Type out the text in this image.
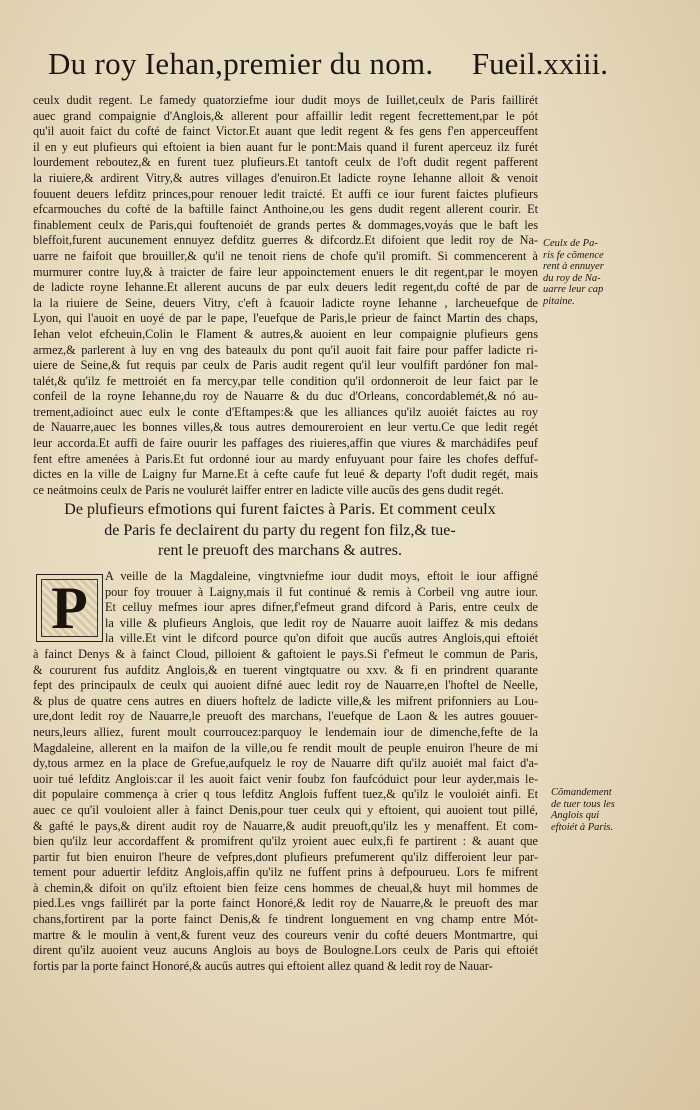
Du roy Iehan,premier du nom. Fueil.xxiii.
ceulx dudit regent. Le famedy quatorziefme iour dudit moys de Iuillet,ceulx de Paris faillirét
auec grand compaignie d'Anglois,& allerent pour affaillir ledit regent fecrettement,par le pót
qu'il auoit faict du cofté de fainct Victor.Et auant que ledit regent & fes gens f'en apperceuffent
il en y eut plufieurs qui eftoient ia bien auant fur le pont:Mais quand il furent aperceuz ilz furét
lourdement reboutez,& en furent tuez plufieurs.Et tantoft ceulx de l'oft dudit regent pafferent
la riuiere,& ardirent Vitry,& autres villages d'enuiron.Et ladicte royne Iehanne alloit & venoit
fouuent deuers lefditz princes,pour renouer ledit traicté. Et auffi ce iour furent faictes plufieurs
efcarmouches du cofté de la baftille fainct Anthoine,ou les gens dudit regent allerent courir. Et
finablement ceulx de Paris,qui fouftenoiét de grands pertes & dommages,voyás que le baft les
bleffoit,furent aucunement ennuyez defditz guerres & difcordz.Et difoient que ledit roy de Na-
uarre ne faifoit que brouiller,& qu'il ne tenoit riens de chofe qu'il promift. Si commencerent à
murmurer contre luy,& à traicter de faire leur appoinctement enuers le dit regent,par le moyen
de ladicte royne Iehanne.Et allerent aucuns de par eulx deuers ledit regent,du cofté de par de
la la riuiere de Seine, deuers Vitry, c'eft à fcauoir ladicte royne Iehanne , larcheuefque de
Lyon, qui l'auoit en uoyé de par le pape, l'euefque de Paris,le prieur de fainct Martin des chaps,
Iehan velot efcheuin,Colin le Flament & autres,& auoient en leur compaignie plufieurs gens
armez,& parlerent à luy en vng des bateaulx du pont qu'il auoit fait faire pour paffer ladicte ri-
uiere de Seine,& fut requis par ceulx de Paris audit regent qu'il leur voulfift pardóner fon mal-
talét,& qu'ilz fe mettroiét en fa mercy,par telle condition qu'il ordonneroit de leur faict par le
confeil de la royne Iehanne,du roy de Nauarre & du duc d'Orleans, concordablemét,& nó au-
trement,adioinct auec eulx le conte d'Eftampes:& que les alliances qu'ilz auoiét faictes au roy
de Nauarre,auec les bonnes villes,& tous autres demoureroient en leur vertu.Ce que ledit regét
leur accorda.Et auffi de faire ouurir les paffages des riuieres,affin que viures & marchádifes peuf
fent eftre amenées à Paris.Et fut ordonné iour au mardy enfuyuant pour faire les chofes deffuf-
dictes en la ville de Laigny fur Marne.Et à cefte caufe fut leué & departy l'oft dudit regét, mais
ce neátmoins ceulx de Paris ne voulurét laiffer entrer en ladicte ville aucűs des gens dudit regét.
Ceulx de Pa-
ris fe cõmence
rent à ennuyer
du roy de Na-
uarre leur cap
pitaine.
De plufieurs efmotions qui furent faictes à Paris. Et comment ceulx
de Paris fe declairent du party du regent fon filz,& tue-
rent le preuoft des marchans & autres.
P	A veille de la Magdaleine, vingtvniefme iour dudit moys, eftoit le iour affigné
pour foy trouuer à Laigny,mais il fut continué & remis à Corbeil vng autre iour.
Et celluy mefmes iour apres difner,f'efmeut grand difcord à Paris, entre ceulx de
la ville & plufieurs Anglois, que ledit roy de Nauarre auoit laiffez & mis dedans
la ville.Et vint le difcord pource qu'on difoit que aucűs autres Anglois,qui eftoiét
à fainct Denys & à fainct Cloud, pilloient & gaftoient le pays.Si f'efmeut le commun de Paris,
& coururent fus aufditz Anglois,& en tuerent vingtquatre ou xxv. & fi en prindrent quarante
fept des principaulx de ceulx qui auoient difné auec ledit roy de Nauarre,en l'hoftel de Neelle,
& plus de quatre cens autres en diuers hoftelz de ladicte ville,& les mifrent prifonniers au Lou-
ure,dont ledit roy de Nauarre,le preuoft des marchans, l'euefque de Laon & les autres gouuer-
neurs,leurs alliez, furent moult courroucez:parquoy le lendemain iour de dimenche,fefte de la
Magdaleine, allerent en la maifon de la ville,ou fe rendit moult de peuple enuiron l'heure de mi
dy,tous armez en la place de Grefue,aufquelz le roy de Nauarre dift qu'ilz auoiét mal faict d'a-
uoir tué lefditz Anglois:car il les auoit faict venir foubz fon faufcóduict pour leur ayder,mais le-
dit populaire commença à crier q tous lefditz Anglois fuffent tuez,& qu'ilz le vouloiét ainfi. Et
auec ce qu'il vouloient aller à fainct Denis,pour tuer ceulx qui y eftoient, qui auoient tout pillé,
& gafté le pays,& dirent audit roy de Nauarre,& audit preuoft,qu'ilz les y menaffent. Et com-
bien qu'ilz leur accordaffent & promifrent qu'ilz yroient auec eulx,fi fe partirent : & auant que
partir fut bien enuiron l'heure de vefpres,dont plufieurs prefumerent qu'ilz differoient leur par-
tement pour aduertir lefditz Anglois,affin qu'ilz ne fuffent prins à defpourueu. Lors fe mifrent
à chemin,& difoit on qu'ilz eftoient bien feize cens hommes de cheual,& huyt mil hommes de
pied.Les vngs faillirét par la porte fainct Honoré,& ledit roy de Nauarre,& le preuoft des mar
chans,fortirent par la porte fainct Denis,& fe tindrent longuement en vng champ entre Mót-
martre & le moulin à vent,& furent veuz des coureurs venir du cofté deuers Montmartre, qui
dirent qu'ilz auoient veuz aucuns Anglois au boys de Boulogne.Lors ceulx de Paris qui eftoiét
fortis par la porte fainct Honoré,& aucűs autres qui eftoient allez quand & ledit roy de Nauar-
Cõmandement
de tuer tous les
Anglois qui
eftoiét à Paris.
